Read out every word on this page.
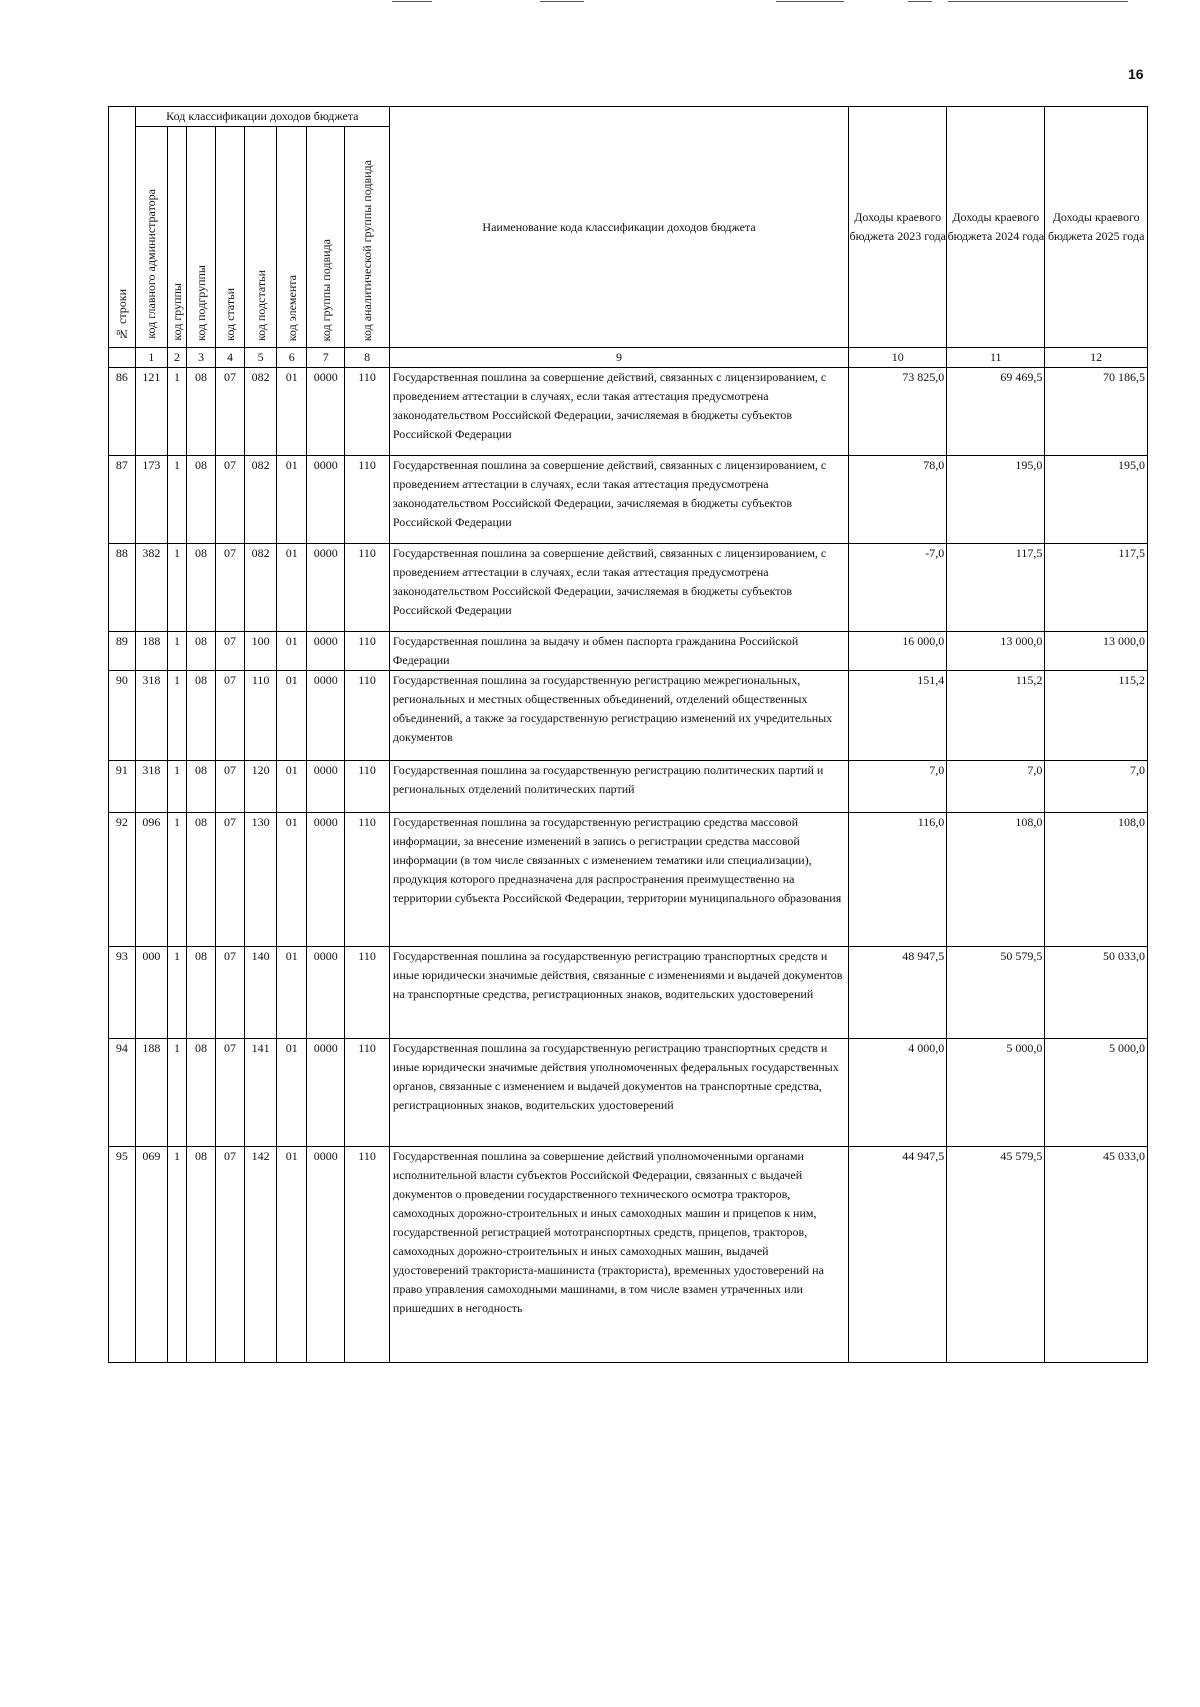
16
№ строки	Код классификации доходов бюджета								Наименование кода классификации доходов бюджета	Доходы краевого бюджета 2023 года	Доходы краевого бюджета 2024 года	Доходы краевого бюджета 2025 года

	код главного администратора	код группы	код подгруппы	код статьи	код подстатьи	код элемента	код группы подвида	код аналитической группы подвида				

	1	2	3	4	5	6	7	8	9	10	11	12
86	121	1	08	07	082	01	0000	110	Государственная пошлина за совершение действий, связанных с лицензированием, с проведением аттестации в случаях, если такая аттестация предусмотрена законодательством Российской Федерации, зачисляемая в бюджеты субъектов Российской Федерации	73 825,0	69 469,5	70 186,5
87	173	1	08	07	082	01	0000	110	Государственная пошлина за совершение действий, связанных с лицензированием, с проведением аттестации в случаях, если такая аттестация предусмотрена законодательством Российской Федерации, зачисляемая в бюджеты субъектов Российской Федерации	78,0	195,0	195,0
88	382	1	08	07	082	01	0000	110	Государственная пошлина за совершение действий, связанных с лицензированием, с проведением аттестации в случаях, если такая аттестация предусмотрена законодательством Российской Федерации, зачисляемая в бюджеты субъектов Российской Федерации	-7,0	117,5	117,5
89	188	1	08	07	100	01	0000	110	Государственная пошлина за выдачу и обмен паспорта гражданина Российской Федерации	16 000,0	13 000,0	13 000,0
90	318	1	08	07	110	01	0000	110	Государственная пошлина за государственную регистрацию межрегиональных, региональных и местных общественных объединений, отделений общественных объединений, а также за государственную регистрацию изменений их учредительных документов	151,4	115,2	115,2
91	318	1	08	07	120	01	0000	110	Государственная пошлина за государственную регистрацию политических партий и региональных отделений политических партий	7,0	7,0	7,0
92	096	1	08	07	130	01	0000	110	Государственная пошлина за государственную регистрацию средства массовой информации, за внесение изменений в запись о регистрации средства массовой информации (в том числе связанных с изменением тематики или специализации), продукция которого предназначена для распространения преимущественно на территории субъекта Российской Федерации, территории муниципального образования	116,0	108,0	108,0
93	000	1	08	07	140	01	0000	110	Государственная пошлина за государственную регистрацию транспортных средств и иные юридически значимые действия, связанные с изменениями и выдачей документов на транспортные средства, регистрационных знаков, водительских удостоверений	48 947,5	50 579,5	50 033,0
94	188	1	08	07	141	01	0000	110	Государственная пошлина за государственную регистрацию транспортных средств и иные юридически значимые действия уполномоченных федеральных государственных органов, связанные с изменением и выдачей документов на транспортные средства, регистрационных знаков, водительских удостоверений	4 000,0	5 000,0	5 000,0
95	069	1	08	07	142	01	0000	110	Государственная пошлина за совершение действий уполномоченными органами исполнительной власти субъектов Российской Федерации, связанных с выдачей документов о проведении государственного технического осмотра тракторов, самоходных дорожно-строительных и иных самоходных машин и прицепов к ним, государственной регистрацией мототранспортных средств, прицепов, тракторов, самоходных дорожно-строительных и иных самоходных машин, выдачей удостоверений тракториста-машиниста (тракториста), временных удостоверений на право управления самоходными машинами, в том числе взамен утраченных или пришедших в негодность	44 947,5	45 579,5	45 033,0
